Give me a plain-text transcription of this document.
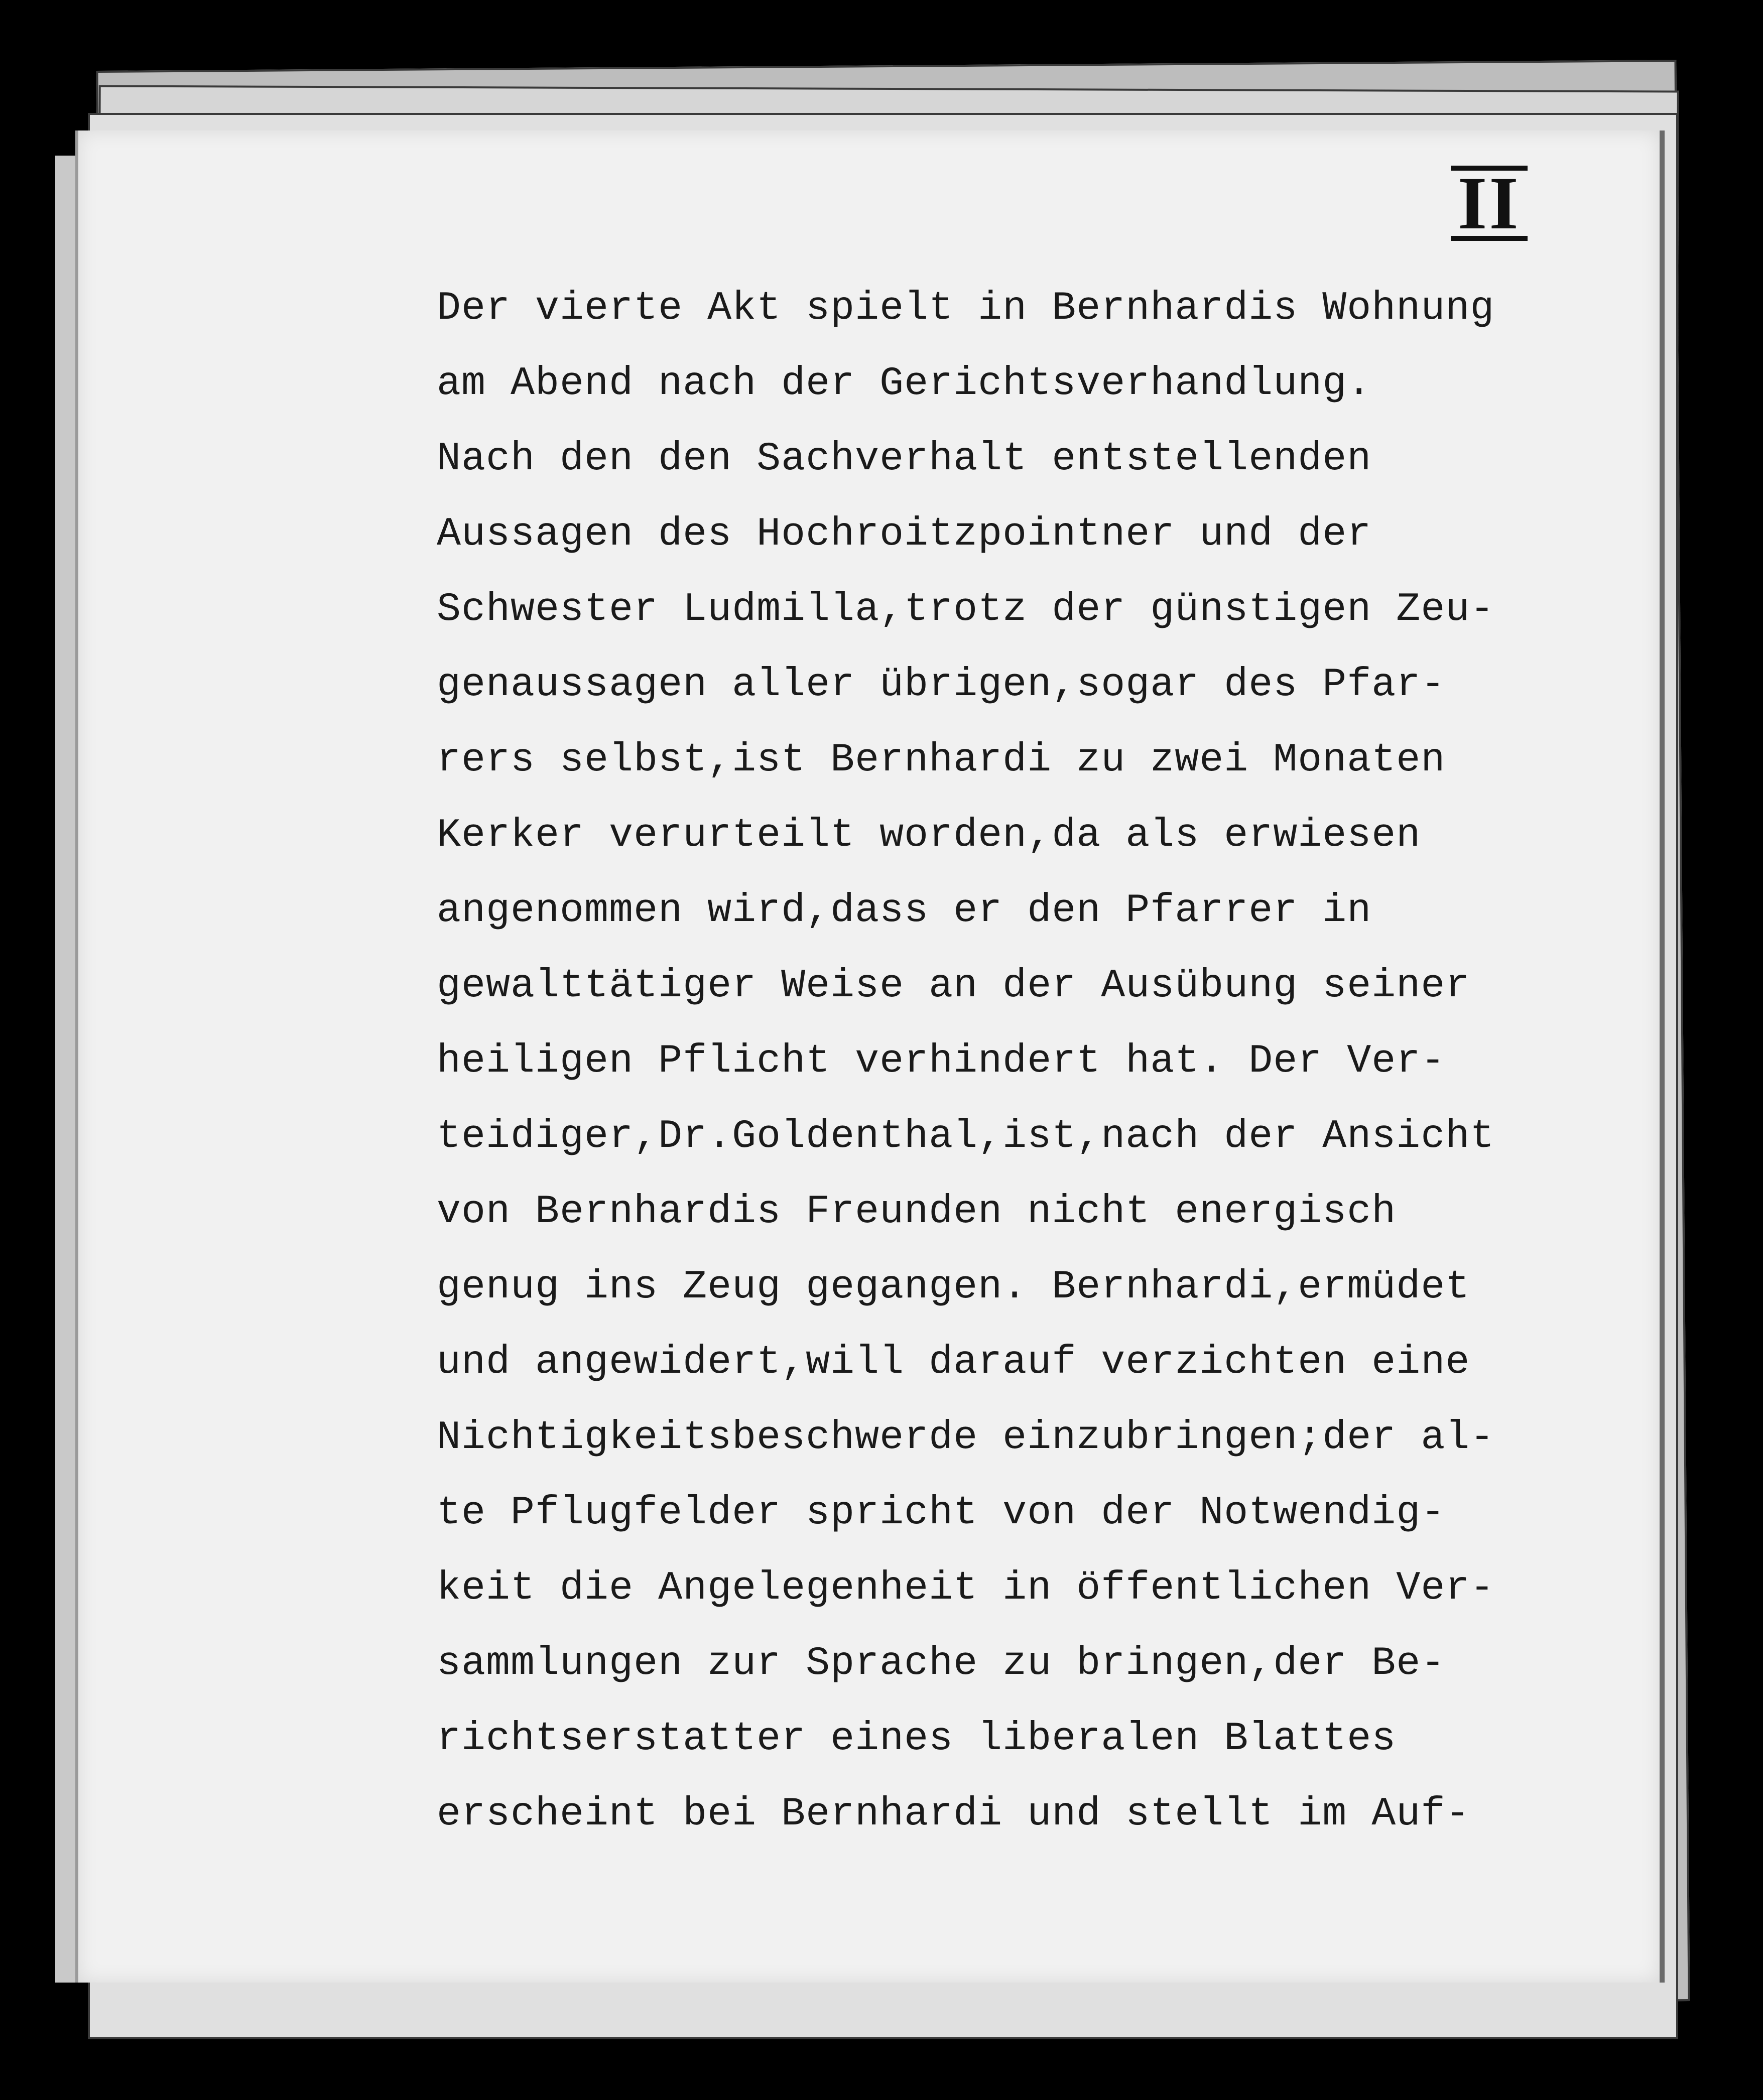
II
Der vierte Akt spielt in Bernhardis Wohnung
am Abend nach der Gerichtsverhandlung.
Nach den den Sachverhalt entstellenden
Aussagen des Hochroitzpointner und der
Schwester Ludmilla,trotz der günstigen Zeu-
genaussagen aller übrigen,sogar des Pfar-
rers selbst,ist Bernhardi zu zwei Monaten
Kerker verurteilt worden,da als erwiesen
angenommen wird,dass er den Pfarrer in
gewalttätiger Weise an der Ausübung seiner
heiligen Pflicht verhindert hat. Der Ver-
teidiger,Dr.Goldenthal,ist,nach der Ansicht
von Bernhardis Freunden nicht energisch
genug ins Zeug gegangen. Bernhardi,ermüdet
und angewidert,will darauf verzichten eine
Nichtigkeitsbeschwerde einzubringen;der al-
te Pflugfelder spricht von der Notwendig-
keit die Angelegenheit in öffentlichen Ver-
sammlungen zur Sprache zu bringen,der Be-
richtserstatter eines liberalen Blattes
erscheint bei Bernhardi und stellt im Auf-
